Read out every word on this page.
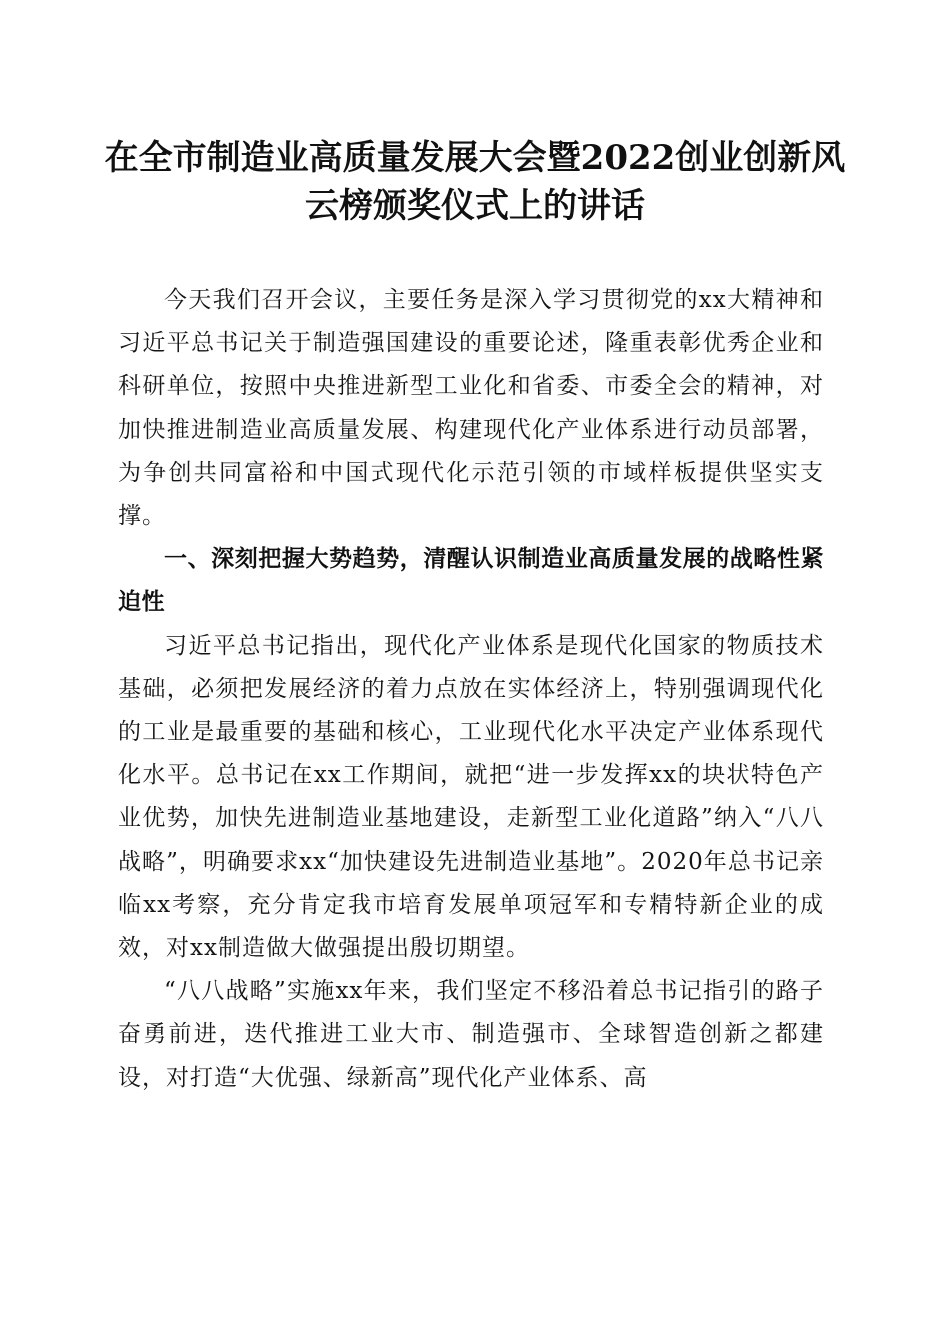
在全市制造业高质量发展大会暨2022创业创新风云榜颁奖仪式上的讲话

今天我们召开会议，主要任务是深入学习贯彻党的xx大精神和习近平总书记关于制造强国建设的重要论述，隆重表彰优秀企业和科研单位，按照中央推进新型工业化和省委、市委全会的精神，对加快推进制造业高质量发展、构建现代化产业体系进行动员部署，为争创共同富裕和中国式现代化示范引领的市域样板提供坚实支撑。

一、深刻把握大势趋势，清醒认识制造业高质量发展的战略性紧迫性

习近平总书记指出，现代化产业体系是现代化国家的物质技术基础，必须把发展经济的着力点放在实体经济上，特别强调现代化的工业是最重要的基础和核心，工业现代化水平决定产业体系现代化水平。总书记在xx工作期间，就把“进一步发挥xx的块状特色产业优势，加快先进制造业基地建设，走新型工业化道路”纳入“八八战略”，明确要求xx“加快建设先进制造业基地”。2020年总书记亲临xx考察，充分肯定我市培育发展单项冠军和专精特新企业的成效，对xx制造做大做强提出殷切期望。

“八八战略”实施xx年来，我们坚定不移沿着总书记指引的路子奋勇前进，迭代推进工业大市、制造强市、全球智造创新之都建设，对打造“大优强、绿新高”现代化产业体系、高
